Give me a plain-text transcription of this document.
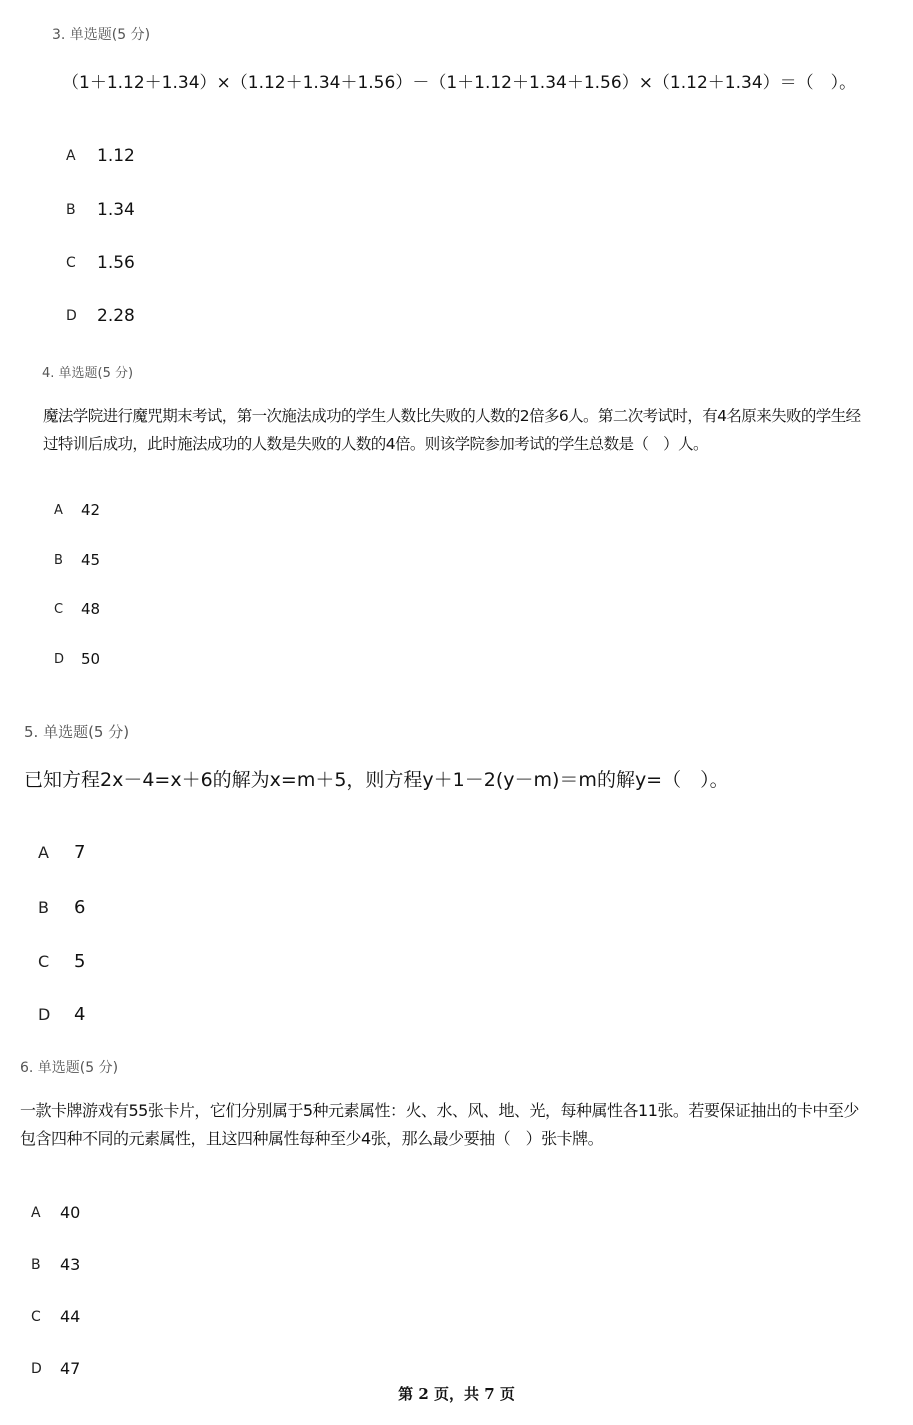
3. 单选题(5 分)
（1＋1.12＋1.34）×（1.12＋1.34＋1.56）－（1＋1.12＋1.34＋1.56）×（1.12＋1.34）＝（　）。
A	1.12
B	1.34
C	1.56
D	2.28
4. 单选题(5 分)
魔法学院进行魔咒期末考试，第一次施法成功的学生人数比失败的人数的2倍多6人。第二次考试时，有4名原来失败的学生经
过特训后成功，此时施法成功的人数是失败的人数的4倍。则该学院参加考试的学生总数是（　）人。
A	42
B	45
C	48
D	50
5. 单选题(5 分)
已知方程2x－4=x＋6的解为x=m＋5，则方程y＋1－2(y－m)＝m的解y=（　）。
A	7
B	6
C	5
D	4
6. 单选题(5 分)
一款卡牌游戏有55张卡片，它们分别属于5种元素属性：火、水、风、地、光，每种属性各11张。若要保证抽出的卡中至少
包含四种不同的元素属性，且这四种属性每种至少4张，那么最少要抽（　）张卡牌。
A	40
B	43
C	44
D	47
第 2 页，共 7 页
